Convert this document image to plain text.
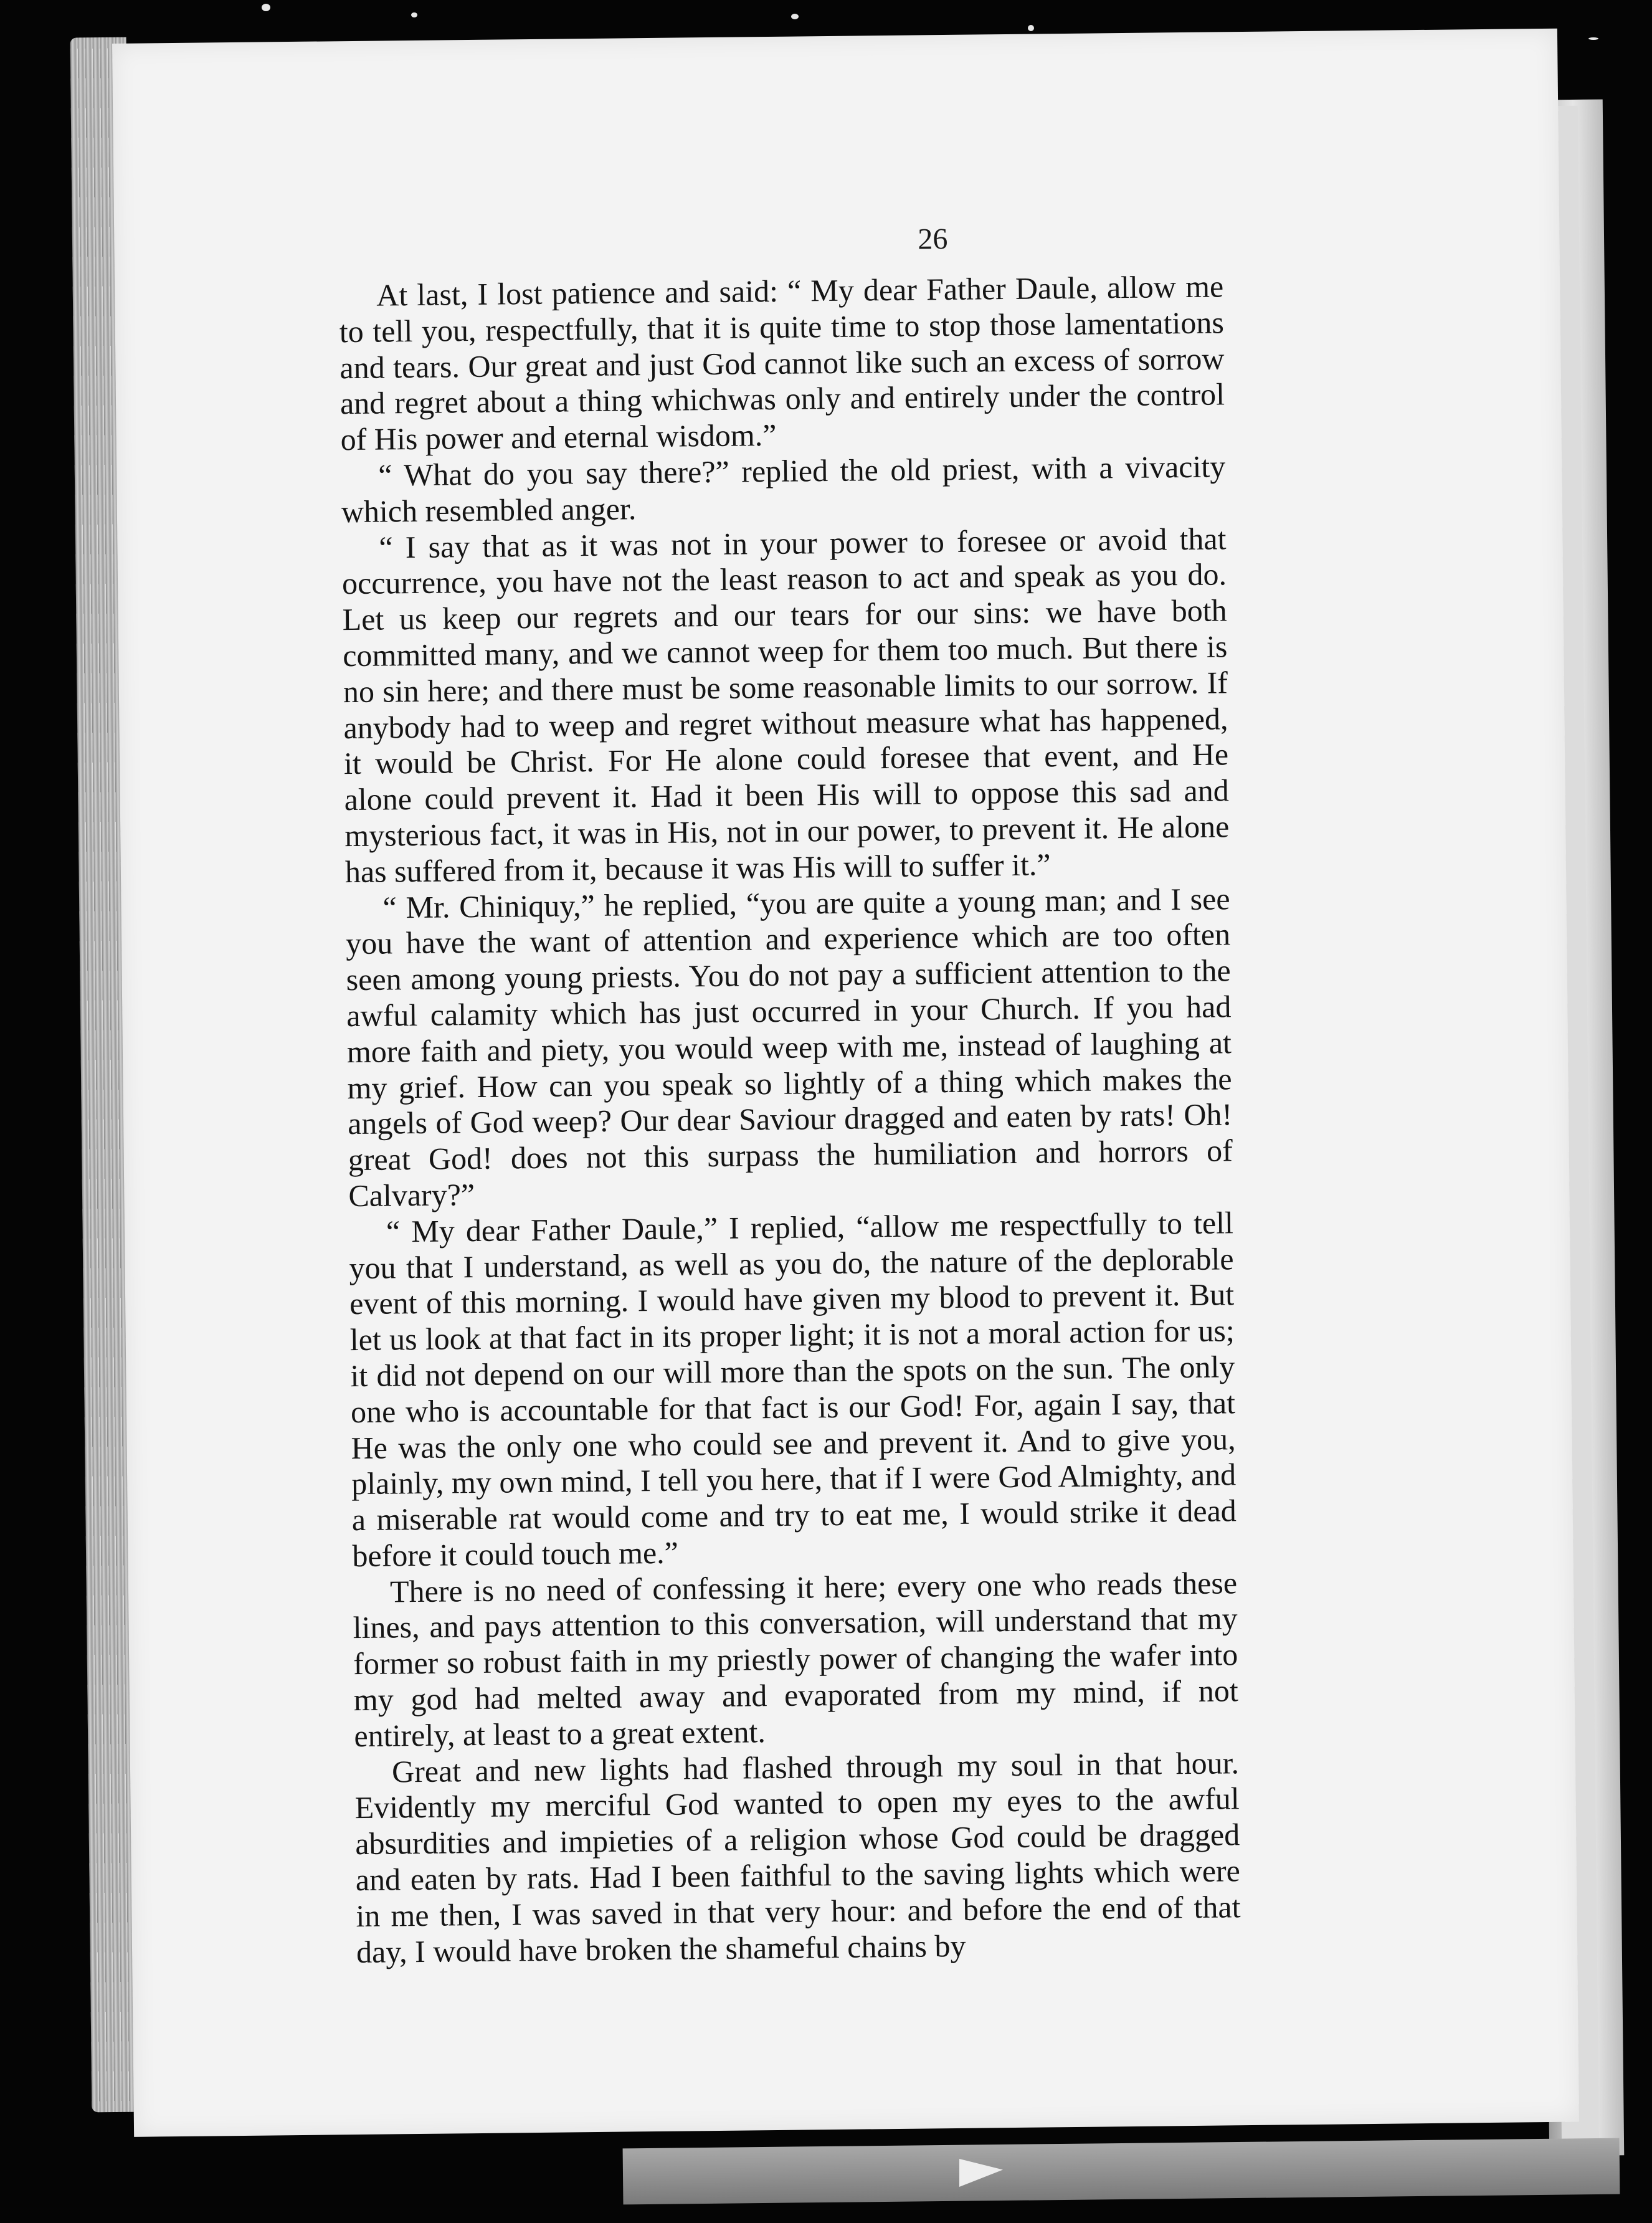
26

At last, I lost patience and said: “ My dear Father Daule, allow me to tell you, respectfully, that it is quite time to stop those lamentations and tears. Our great and just God cannot like such an excess of sorrow and regret about a thing whichwas only and entirely under the control of His power and eternal wisdom.”

“ What do you say there?” replied the old priest, with a vivacity which resembled anger.

“ I say that as it was not in your power to foresee or avoid that occurrence, you have not the least reason to act and speak as you do. Let us keep our regrets and our tears for our sins: we have both committed many, and we cannot weep for them too much. But there is no sin here; and there must be some reasonable limits to our sorrow. If anybody had to weep and regret without measure what has happened, it would be Christ. For He alone could foresee that event, and He alone could prevent it. Had it been His will to oppose this sad and mysterious fact, it was in His, not in our power, to prevent it. He alone has suffered from it, because it was His will to suffer it.”

“ Mr. Chiniquy,” he replied, “you are quite a young man; and I see you have the want of attention and experience which are too often seen among young priests. You do not pay a sufficient attention to the awful calamity which has just occurred in your Church. If you had more faith and piety, you would weep with me, instead of laughing at my grief. How can you speak so lightly of a thing which makes the angels of God weep? Our dear Saviour dragged and eaten by rats! Oh! great God! does not this surpass the humiliation and horrors of Calvary?”

“ My dear Father Daule,” I replied, “allow me respectfully to tell you that I understand, as well as you do, the nature of the deplorable event of this morning. I would have given my blood to prevent it. But let us look at that fact in its proper light; it is not a moral action for us; it did not depend on our will more than the spots on the sun. The only one who is accountable for that fact is our God! For, again I say, that He was the only one who could see and prevent it. And to give you, plainly, my own mind, I tell you here, that if I were God Almighty, and a miserable rat would come and try to eat me, I would strike it dead before it could touch me.”

There is no need of confessing it here; every one who reads these lines, and pays attention to this conversation, will understand that my former so robust faith in my priestly power of changing the wafer into my god had melted away and evaporated from my mind, if not entirely, at least to a great extent.

Great and new lights had flashed through my soul in that hour. Evidently my merciful God wanted to open my eyes to the awful absurdities and impieties of a religion whose God could be dragged and eaten by rats. Had I been faithful to the saving lights which were in me then, I was saved in that very hour: and before the end of that day, I would have broken the shameful chains by
